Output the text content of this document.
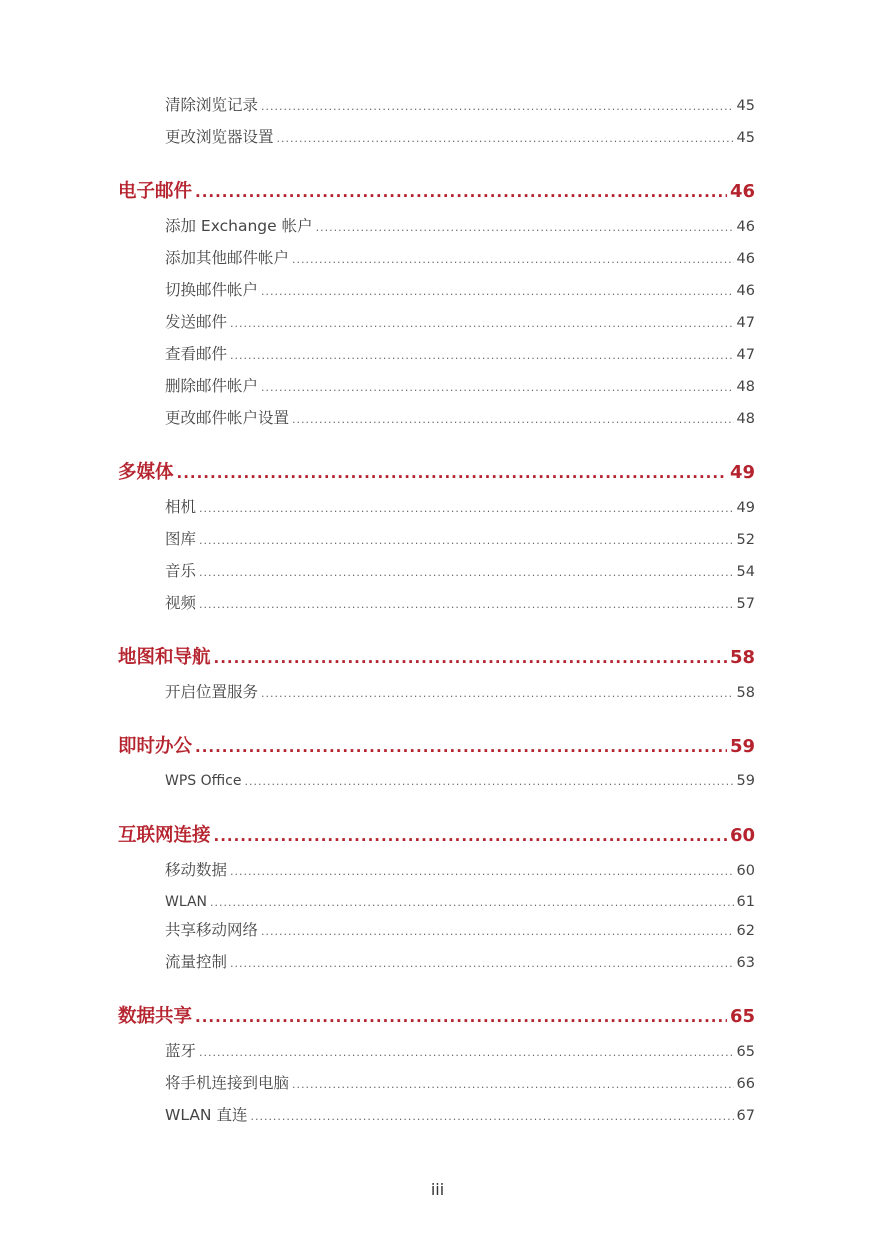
清除浏览记录 .....	45
更改浏览器设置 .....	45
电子邮件 .....	46
添加 Exchange 帐户 .....	46
添加其他邮件帐户 .....	46
切换邮件帐户 .....	46
发送邮件 .....	47
查看邮件 .....	47
删除邮件帐户 .....	48
更改邮件帐户设置 .....	48
多媒体 .....	49
相机 .....	49
图库 .....	52
音乐 .....	54
视频 .....	57
地图和导航 .....	58
开启位置服务 .....	58
即时办公 .....	59
WPS Office .....	59
互联网连接 .....	60
移动数据 .....	60
WLAN .....	61
共享移动网络 .....	62
流量控制 .....	63
数据共享 .....	65
蓝牙 .....	65
将手机连接到电脑 .....	66
WLAN 直连 .....	67
iii
